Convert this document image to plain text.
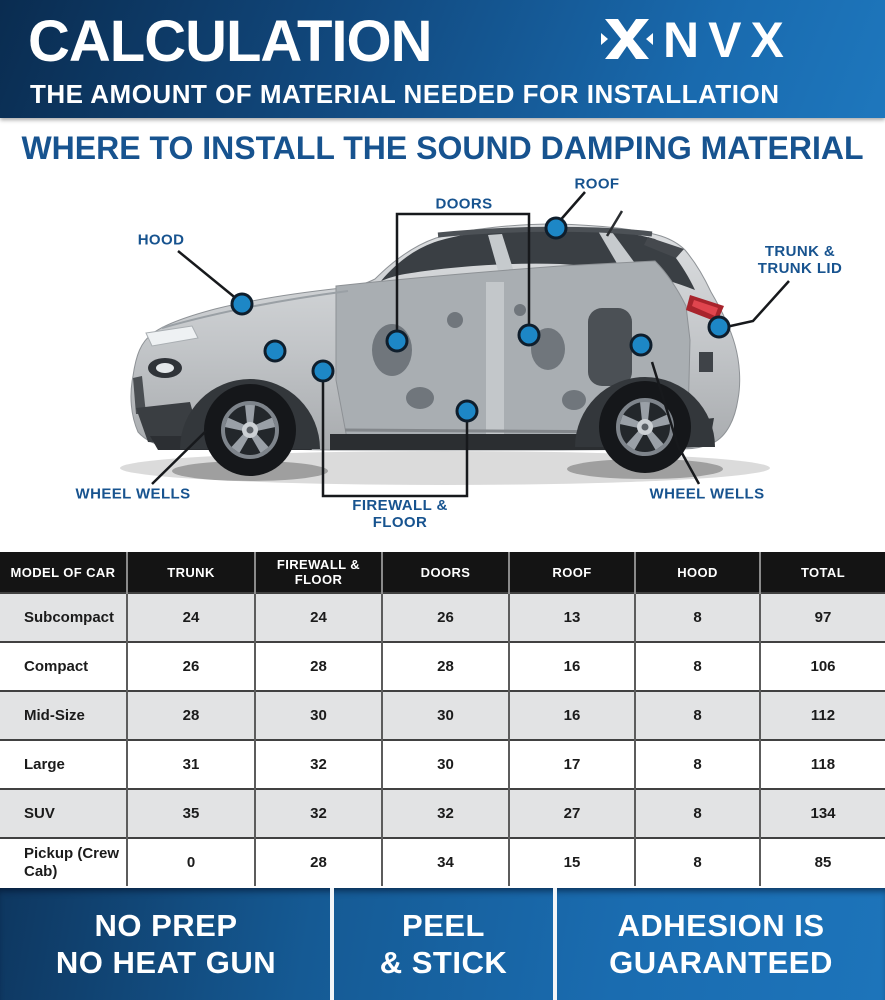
CALCULATION
THE AMOUNT OF MATERIAL NEEDED FOR INSTALLATION
NVX
WHERE TO INSTALL THE SOUND DAMPING MATERIAL
HOOD
DOORS
ROOF
TRUNK &
TRUNK LID
WHEEL WELLS	WHEEL WELLS
FIREWALL &
FLOOR
MODEL OF CAR	TRUNK	FIREWALL & FLOOR	DOORS	ROOF	HOOD	TOTAL
Subcompact	24	24	26	13	8	97
Compact	26	28	28	16	8	106
Mid-Size	28	30	30	16	8	112
Large	31	32	30	17	8	118
SUV	35	32	32	27	8	134
Pickup (Crew Cab)	0	28	34	15	8	85
NO PREP
NO HEAT GUN
PEEL
& STICK
ADHESION IS
GUARANTEED
